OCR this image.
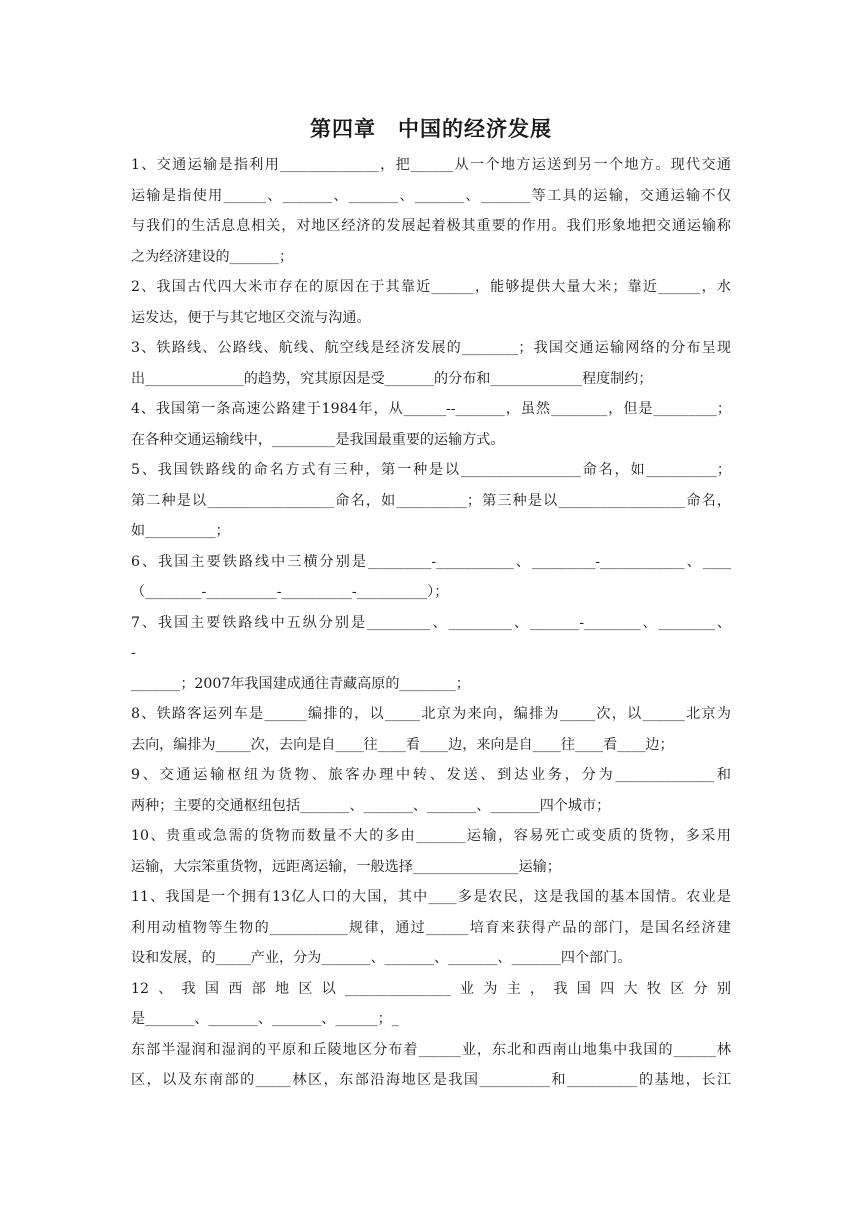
第四章　中国的经济发展
1、交通运输是指利用______________，把______从一个地方运送到另一个地方。现代交通
运输是指使用______、_______、_______、_______、_______等工具的运输，交通运输不仅
与我们的生活息息相关，对地区经济的发展起着极其重要的作用。我们形象地把交通运输称
之为经济建设的_______；
2、我国古代四大米市存在的原因在于其靠近______，能够提供大量大米；靠近______，水
运发达，便于与其它地区交流与沟通。
3、铁路线、公路线、航线、航空线是经济发展的________；我国交通运输网络的分布呈现
出______________的趋势，究其原因是受_______的分布和_____________程度制约；
4、我国第一条高速公路建于1984年，从______--_______，虽然________，但是_________；
在各种交通运输线中，_________是我国最重要的运输方式。
5、我国铁路线的命名方式有三种，第一种是以_________________命名，如__________；
第二种是以__________________命名，如__________；第三种是以__________________命名，
如__________；
6、我国主要铁路线中三横分别是_________-___________、_________-____________、____
（________-__________-__________-__________）；
7、我国主要铁路线中五纵分别是_________、_________、_______-________、________、
-
_______；2007年我国建成通往青藏高原的________；
8、铁路客运列车是______编排的，以_____北京为来向，编排为_____次，以______北京为
去向，编排为_____次，去向是自____往____看____边，来向是自____往____看____边；
9、交通运输枢纽为货物、旅客办理中转、发送、到达业务，分为______________和
两种；主要的交通枢纽包括_______、_______、_______、_______四个城市；
10、贵重或急需的货物而数量不大的多由_______运输，容易死亡或变质的货物，多采用
运输，大宗笨重货物，远距离运输，一般选择_______________运输；
11、我国是一个拥有13亿人口的大国，其中____多是农民，这是我国的基本国情。农业是
利用动植物等生物的___________规律，通过______培育来获得产品的部门，是国名经济建
设和发展，的_____产业，分为_______、_______、_______、_______四个部门。
12、我国西部地区以_______________业为主，我国四大牧区分别
是_______、_______、_______、______；_
东部半湿润和湿润的平原和丘陵地区分布着______业，东北和西南山地集中我国的______林
区，以及东南部的_____林区，东部沿海地区是我国__________和__________的基地，长江
